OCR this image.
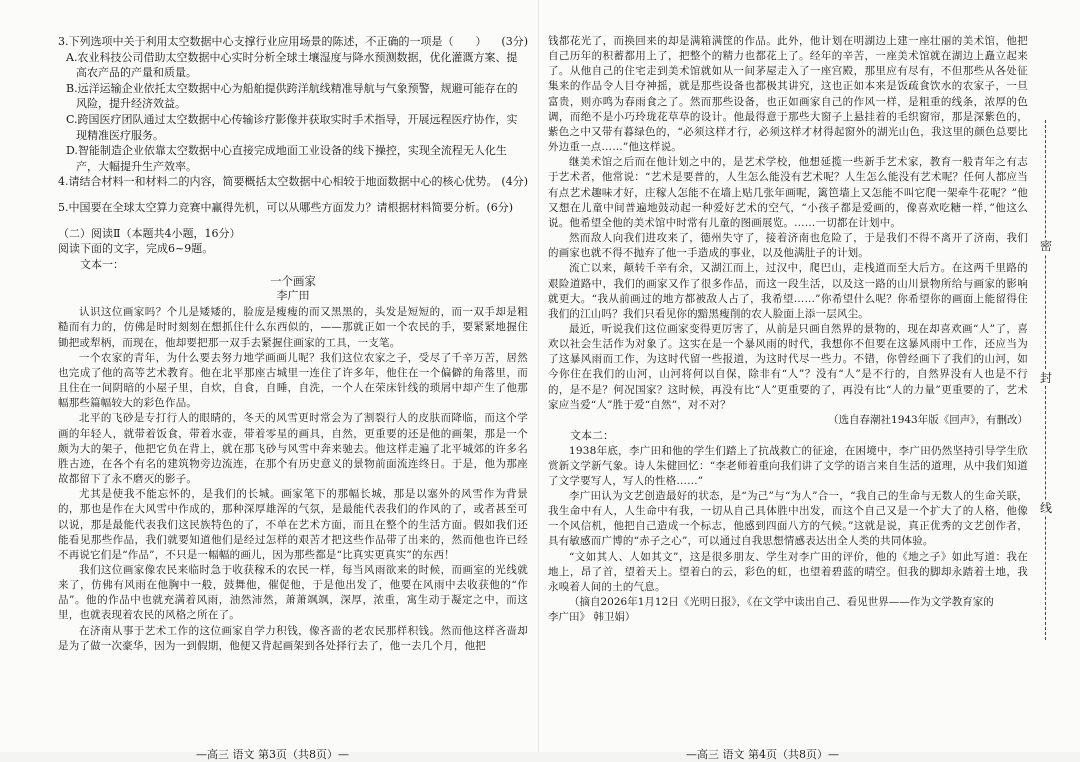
3.下列选项中关于利用太空数据中心支撑行业应用场景的陈述，不正确的一项是（　　） (3分)

A.农业科技公司借助太空数据中心实时分析全球土壤湿度与降水预测数据，优化灌溉方案、提高农产品的产量和质量。

B.远洋运输企业依托太空数据中心为船舶提供跨洋航线精准导航与气象预警，规避可能存在的风险，提升经济效益。

C.跨国医疗团队通过太空数据中心传输诊疗影像并获取实时手术指导，开展远程医疗协作，实现精准医疗服务。

D.智能制造企业依靠太空数据中心直接完成地面工业设备的线下操控，实现全流程无人化生产，大幅提升生产效率。

4.请结合材料一和材料二的内容，简要概括太空数据中心相较于地面数据中心的核心优势。 (4分)

5.中国要在全球太空算力竞赛中赢得先机，可以从哪些方面发力？请根据材料简要分析。(6分)

（二）阅读Ⅱ（本题共4小题，16分）

阅读下面的文字，完成6~9题。

文本一：

一个画家

李广田

认识这位画家吗？个儿是矮矮的，脸庞是瘦瘦的而又黑黑的，头发是短短的，而一双手却是粗糙而有力的，仿佛是时时刻刻在想抓住什么东西似的，——那就正如一个农民的手，要紧紧地握住锄把或犁柄，而现在，他却要把那一双手去紧握住画家的工具，一支笔。

一个农家的青年，为什么要去努力地学画画儿呢？我们这位农家之子，受尽了千辛万苦，居然也完成了他的高等艺术教育。他在北平那座古城里一连住了许多年，他住在一个偏僻的角落里，而且住在一间阴暗的小屋子里，自炊，自食，自睡，自洗，一个人在荣床针线的琐屑中却产生了他那幅那些篇幅较大的彩色作品。

北平的飞砂是专打行人的眼睛的，冬天的风雪更时常会为了割裂行人的皮肤而降临，而这个学画的年轻人，就带着饭食，带着水壶，带着零星的画具，自然，更重要的还是他的画架，那是一个颇为大的架子，他把它负在背上，就在那飞砂与风雪中奔来驰去。他这样走遍了北平城郊的许多名胜古迹，在各个有名的建筑物旁边流连，在那个有历史意义的景物前面流连终日。于是，他为那座故都留下了永不磨灭的影子。

尤其是使我不能忘怀的，是我们的长城。画家笔下的那幅长城，那是以塞外的风雪作为背景的，那也是作在大风雪中作成的，那种深厚雄浑的气氛，是最能代表我们的作风的了，或者甚至可以说，那是最能代表我们这民族特色的了，不单在艺术方面，而且在整个的生活方面。假如我们还能看见那些作品，我们就要知道他们是经过怎样的艰苦才把这些作品带了出来的，然而他也许已经不再说它们是“作品”，不只是一幅幅的画儿，因为那些都是“比真实更真实”的东西！

我们这位画家像农民来临时急于收获稼禾的农民一样，每当风雨欲来的时候，而画室的光线就来了，仿佛有风雨在他胸中一般，鼓舞他，催促他，于是他出发了，他要在风雨中去收获他的“作品”。他的作品中也就充满着风雨，油然沛然，萧萧飒飒，深厚，浓重，寓生动于凝定之中，而这里，也就表现着农民的风格之所在了。

在济南从事于艺术工作的这位画家自学力积钱，像吝啬的老农民那样积钱。然而他这样吝啬却是为了做一次豪华，因为一到假期，他便又背起画架到各处择行去了，他一去几个月，他把

钱都花光了，而换回来的却是满箱满筐的作品。此外，他计划在明湖边上建一座壮丽的美术馆，他把自己历年的积蓄都用上了，把整个的精力也都花上了。经年的辛苦，一座美术馆就在湖边上矗立起来了。从他自己的住宅走到美术馆就如从一间茅屋走入了一座宫殿，那里应有尽有，不但那些从各处征集来的作品令人目夺神摇，就是那些设备也都极其讲究，这也正如本来是饭疏食饮水的农家子，一旦富贵，则亦鸣为春雨食之了。然而那些设备，也正如画家自己的作风一样，是粗重的线条，浓厚的色调，而绝不是小巧玲珑花草草的设计。他最得意于那些大窗子上悬挂着的毛织窗帘，那是深紫色的，紫色之中又带有暮绿色的，“必须这样才行，必须这样才材得起窗外的湖光山色，我这里的颜色总要比外边重一点……”他这样说。

继美术馆之后而在他计划之中的，是艺术学校，他想延揽一些新手艺术家，教育一般青年之有志于艺术者，他常说：“艺术是要普的，人生怎么能没有艺术呢？人生怎么能没有艺术呢？任何人都应当有点艺术趣味才好，庄稼人怎能不在墙上贴几张年画呢，篱笆墙上又怎能不叫它爬一架牵牛花呢？”他又想在儿童中间普遍地鼓动起一种爱好艺术的空气，“小孩子都是爱画的，像喜欢吃糖一样，”他这么说。他希望全他的美术馆中时常有儿童的图画展览。……一切都在计划中。

然而敌人向我们进攻来了，德州失守了，接着济南也危险了，于是我们不得不离开了济南，我们的画家也就不得不抛弃了他一手造成的事业，以及他满肚子的计划。

流亡以来，颠转千辛有余，又湖江而上，过汉中，爬巴山，走栈道而至大后方。在这两千里路的艰险道路中，我们的画家又作了很多作品，而这一段生活，以及这一路的山川景物所给与画家的影响就更大。“我从前画过的地方都被敌人占了，我希望……”你希望什么呢？你希望你的画面上能留得住我们的江山吗？我们只看见你的黯黑瘦削的农人脸面上添一层风尘。

最近，听说我们这位画家变得更厉害了，从前是只画自然界的景物的，现在却喜欢画“人”了，喜欢以社会生活作为对象了。这实在是一个暴风雨的时代，我想你不但要在这暴风雨中工作，还应当为了这暴风雨而工作，为这时代留一些报道，为这时代尽一些力。不错，你曾经画下了我们的山河，如今你住在我们的山河，山河将何以自保，除非有“人”？没有“人”是不行的，自然界没有人也是不行的，是不是？何况国家？这时候，再没有比“人”更重要的了，再没有比“人的力量”更重要的了，艺术家应当爱“人”胜于爱“自然”，对不对？

（选自春潮社1943年版《回声》，有删改）

文本二：

1938年底，李广田和他的学生们踏上了抗战救亡的征途，在困境中，李广田仍然坚持引导学生欣赏新文学新气象。诗人朱健回忆：“李老师着重向我们讲了文学的语言来自生活的道理，从中我们知道了文学要写人，写人的性格……”

李广田认为文艺创造最好的状态，是“为己”与“为人”合一，“我自己的生命与无数人的生命关联，我生命中有人，人生命中有我，一切从自己具体胜中出发，而这个自己又是一个扩大了的人格，他像一个风信机，他把自己造成一个标志，他感到四面八方的气候。”这就是说，真正优秀的文艺创作者，具有敏感而广博的“赤子之心”，可以通过自我思想情感表达出全人类的共同体验。

“文如其人、人如其文”，这是很多朋友、学生对李广田的评价，他的《地之子》如此写道：我在地上，昂了首，望着天上。望着白的云，彩色的虹，也望着碧蓝的晴空。但我的脚却永踏着土地，我永嗅着人间的土的气息。

（摘自2026年1月12日《光明日报》，《在文学中读出自己、看见世界——作为文学教育家的

李广田》 韩卫娟）

—高三 语文 第3页（共8页）—	—高三 语文 第4页（共8页）—
密
封
线
